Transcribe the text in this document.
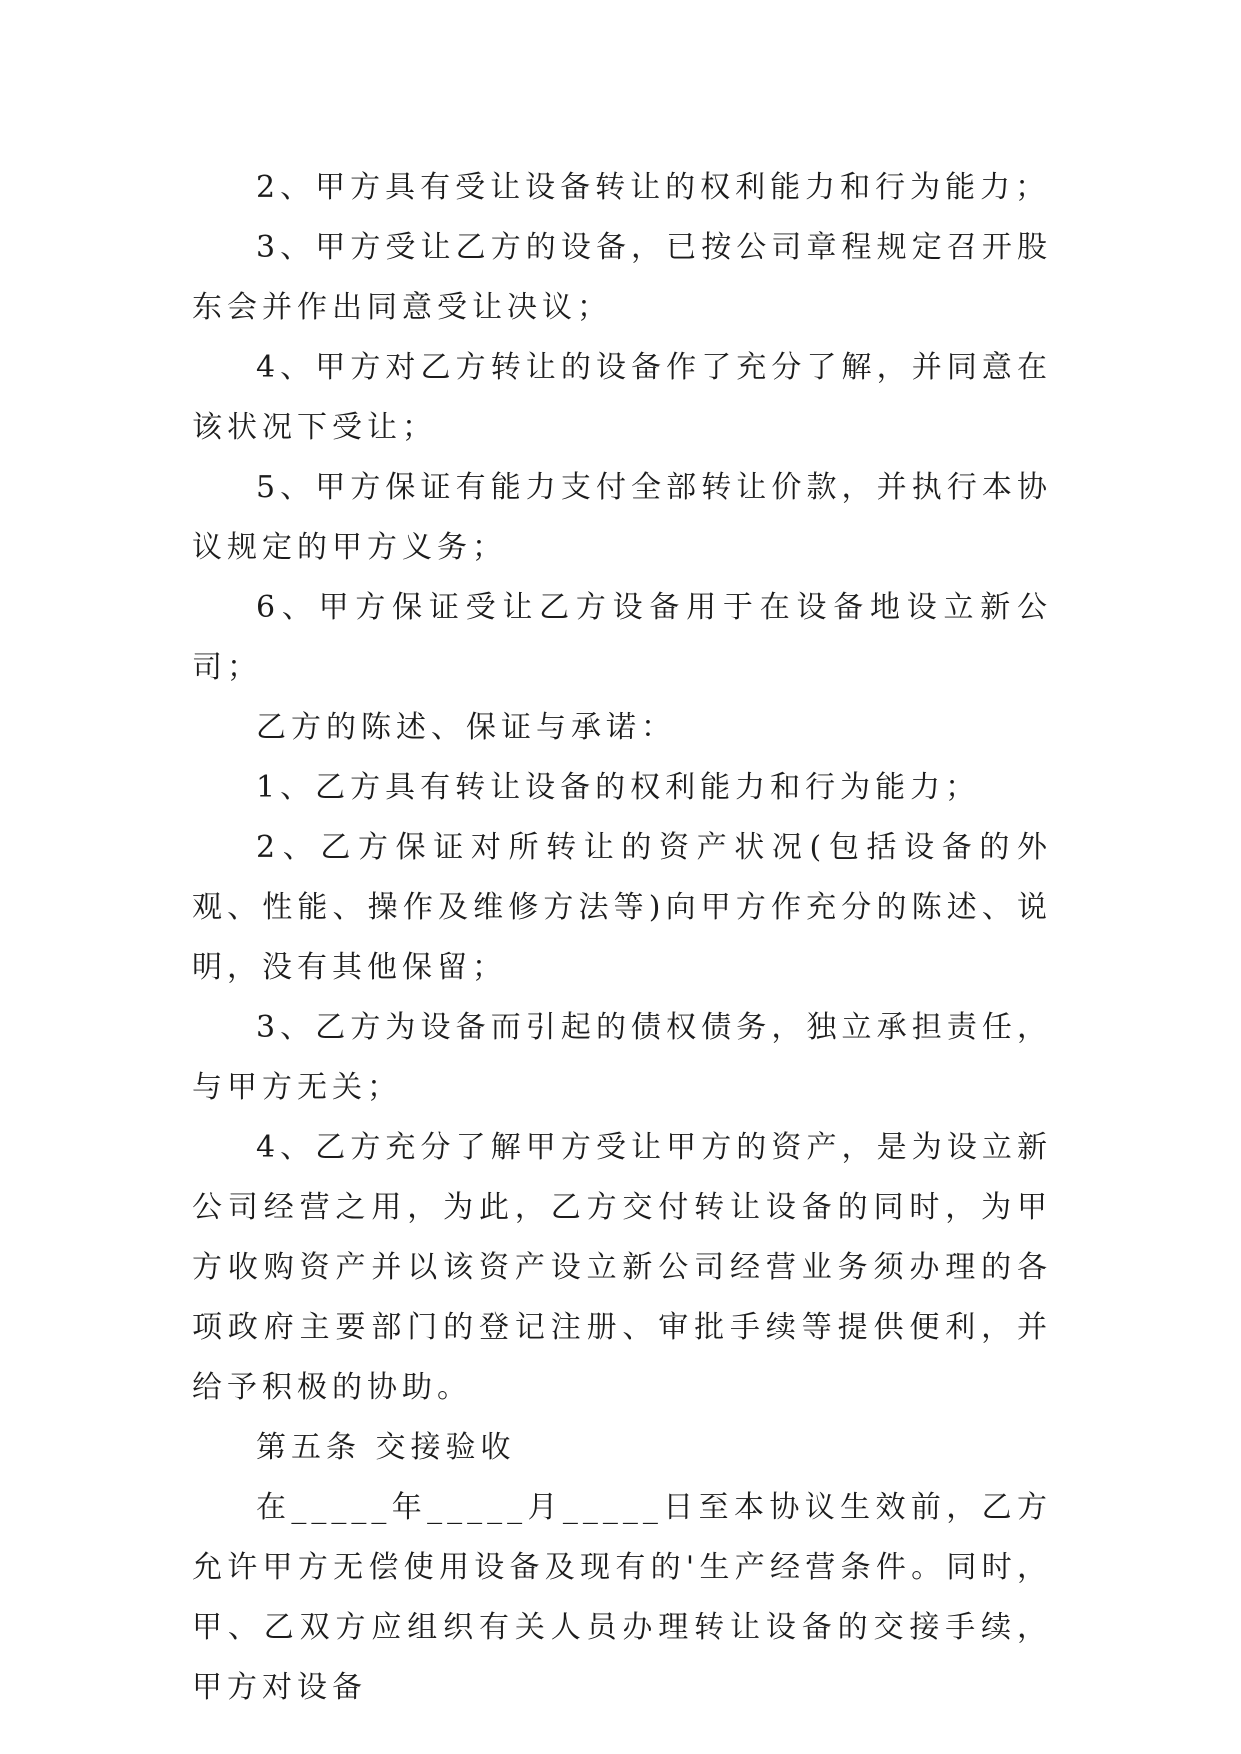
2、甲方具有受让设备转让的权利能力和行为能力；

3、甲方受让乙方的设备，已按公司章程规定召开股东会并作出同意受让决议；

4、甲方对乙方转让的设备作了充分了解，并同意在该状况下受让；

5、甲方保证有能力支付全部转让价款，并执行本协议规定的甲方义务；

6、甲方保证受让乙方设备用于在设备地设立新公司；

乙方的陈述、保证与承诺：

1、乙方具有转让设备的权利能力和行为能力；

2、乙方保证对所转让的资产状况(包括设备的外观、性能、操作及维修方法等)向甲方作充分的陈述、说明，没有其他保留；

3、乙方为设备而引起的债权债务，独立承担责任，与甲方无关；

4、乙方充分了解甲方受让甲方的资产，是为设立新公司经营之用，为此，乙方交付转让设备的同时，为甲方收购资产并以该资产设立新公司经营业务须办理的各项政府主要部门的登记注册、审批手续等提供便利，并给予积极的协助。

第五条 交接验收

在_____年_____月_____日至本协议生效前，乙方允许甲方无偿使用设备及现有的'生产经营条件。同时，甲、乙双方应组织有关人员办理转让设备的交接手续，甲方对设备
